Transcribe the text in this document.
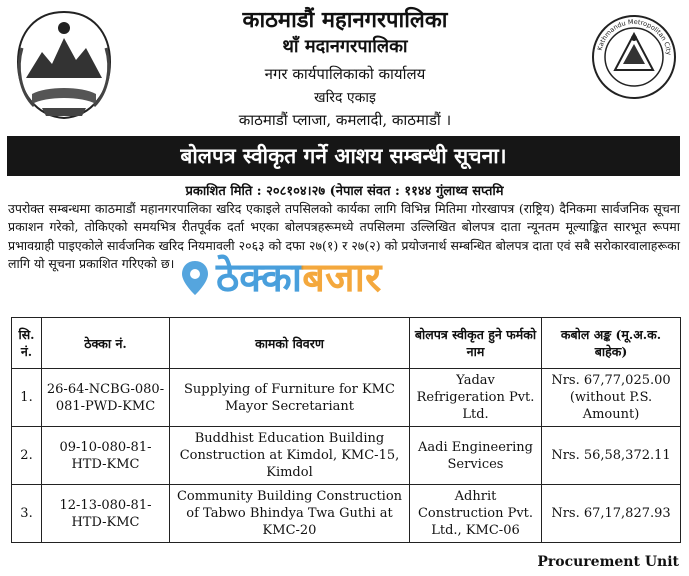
काठमाडौं महानगरपालिका
थाँ मदानगरपालिका
नगर कार्यपालिकाको कार्यालय
खरिद एकाइ
काठमाडौं प्लाजा, कमलादी, काठमाडौं ।
Kathmandu Metropolitan City
बोलपत्र स्वीकृत गर्ने आशय सम्बन्धी सूचना।
प्रकाशित मिति : २०८१०४।२७ (नेपाल संवत : ११४४ गुंलाथ्व सप्तमि

उपरोक्त सम्बन्धमा काठमाडौं महानगरपालिका खरिद एकाइले तपसिलको कार्यका लागि विभिन्न मितिमा गोरखापत्र (राष्ट्रिय) दैनिकमा सार्वजनिक सूचना प्रकाशन गरेको, तोकिएको समयभित्र रीतपूर्वक दर्ता भएका बोलपत्रहरूमध्ये तपसिलमा उल्लिखित बोलपत्र दाता न्यूनतम मूल्याङ्कित सारभूत रूपमा प्रभावग्राही पाइएकोले सार्वजनिक खरिद नियमावली २०६३ को दफा २७(१) र २७(२) को प्रयोजनार्थ सम्बन्धित बोलपत्र दाता एवं सबै सरोकारवालाहरूका लागि यो सूचना प्रकाशित गरिएको छ।	ठेक्का बजार
सि. नं.	ठेक्का नं.	कामको विवरण	बोलपत्र स्वीकृत हुने फर्मको नाम	कबोल अङ्क (मू.अ.क. बाहेक)
1.	26-64-NCBG-080-081-PWD-KMC	Supplying of Furniture for KMC Mayor Secretariant	Yadav Refrigeration Pvt. Ltd.	Nrs. 67,77,025.00 (without P.S. Amount)
2.	09-10-080-81-HTD-KMC	Buddhist Education Building Construction at Kimdol, KMC-15, Kimdol	Aadi Engineering Services	Nrs. 56,58,372.11
3.	12-13-080-81-HTD-KMC	Community Building Construction of Tabwo Bhindya Twa Guthi at KMC-20	Adhrit Construction Pvt. Ltd., KMC-06	Nrs. 67,17,827.93
Procurement Unit
